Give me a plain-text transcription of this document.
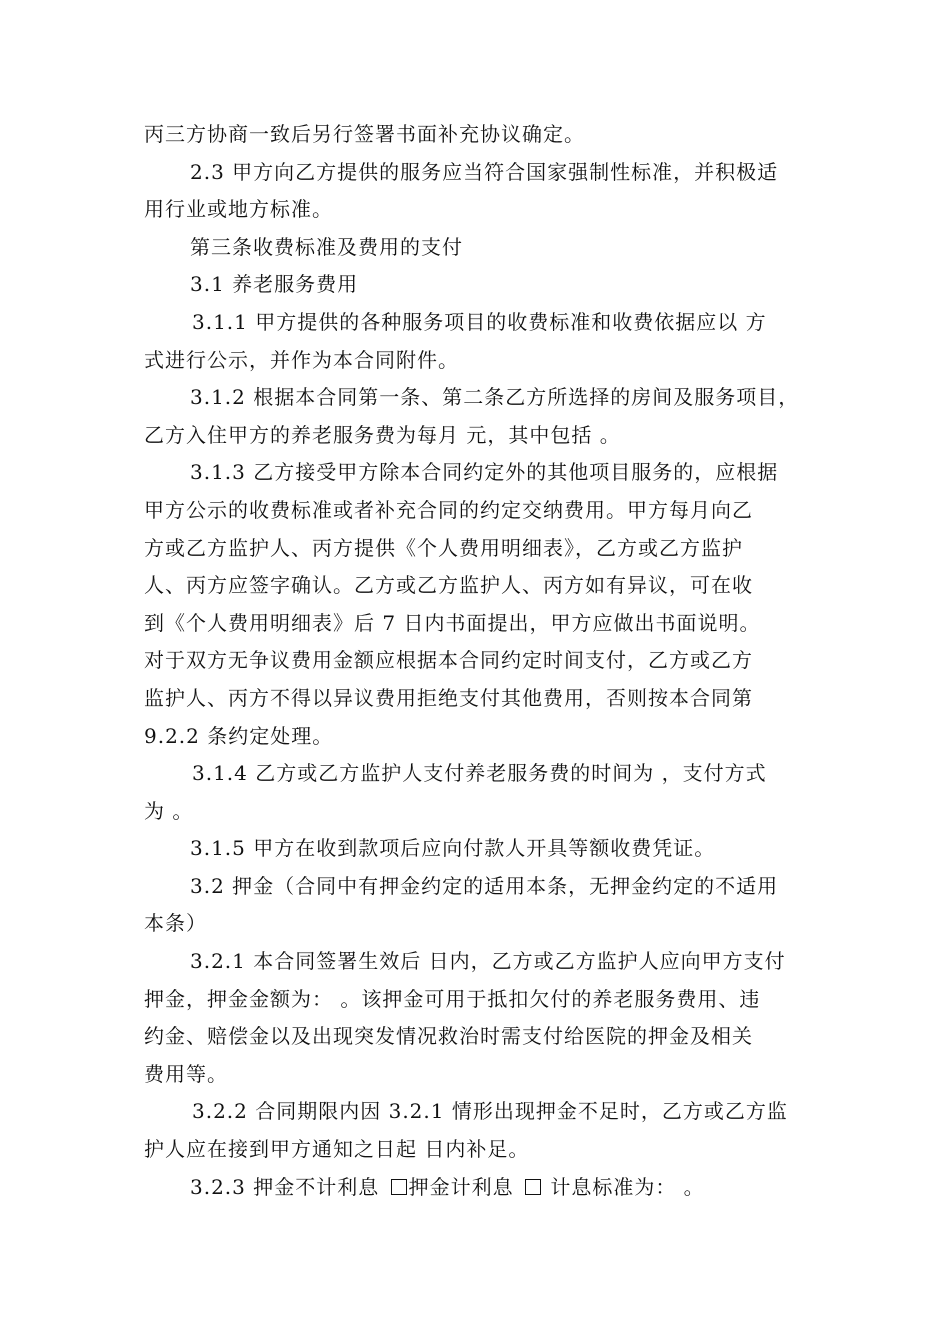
丙三方协商一致后另行签署书面补充协议确定。
2.3 甲方向乙方提供的服务应当符合国家强制性标准，并积极适
用行业或地方标准。
第三条收费标准及费用的支付
3.1 养老服务费用
3.1.1 甲方提供的各种服务项目的收费标准和收费依据应以 方
式进行公示，并作为本合同附件。
3.1.2 根据本合同第一条、第二条乙方所选择的房间及服务项目，
乙方入住甲方的养老服务费为每月 元，其中包括 。
3.1.3 乙方接受甲方除本合同约定外的其他项目服务的，应根据
甲方公示的收费标准或者补充合同的约定交纳费用。甲方每月向乙
方或乙方监护人、丙方提供《个人费用明细表》，乙方或乙方监护
人、丙方应签字确认。乙方或乙方监护人、丙方如有异议，可在收
到《个人费用明细表》后 7 日内书面提出，甲方应做出书面说明。
对于双方无争议费用金额应根据本合同约定时间支付，乙方或乙方
监护人、丙方不得以异议费用拒绝支付其他费用，否则按本合同第
9.2.2 条约定处理。
3.1.4 乙方或乙方监护人支付养老服务费的时间为 ，支付方式
为 。
3.1.5 甲方在收到款项后应向付款人开具等额收费凭证。
3.2 押金（合同中有押金约定的适用本条，无押金约定的不适用
本条）
3.2.1 本合同签署生效后 日内，乙方或乙方监护人应向甲方支付
押金，押金金额为： 。该押金可用于抵扣欠付的养老服务费用、违
约金、赔偿金以及出现突发情况救治时需支付给医院的押金及相关
费用等。
3.2.2 合同期限内因 3.2.1 情形出现押金不足时，乙方或乙方监
护人应在接到甲方通知之日起 日内补足。
3.2.3 押金不计利息 押金计利息  计息标准为： 。
